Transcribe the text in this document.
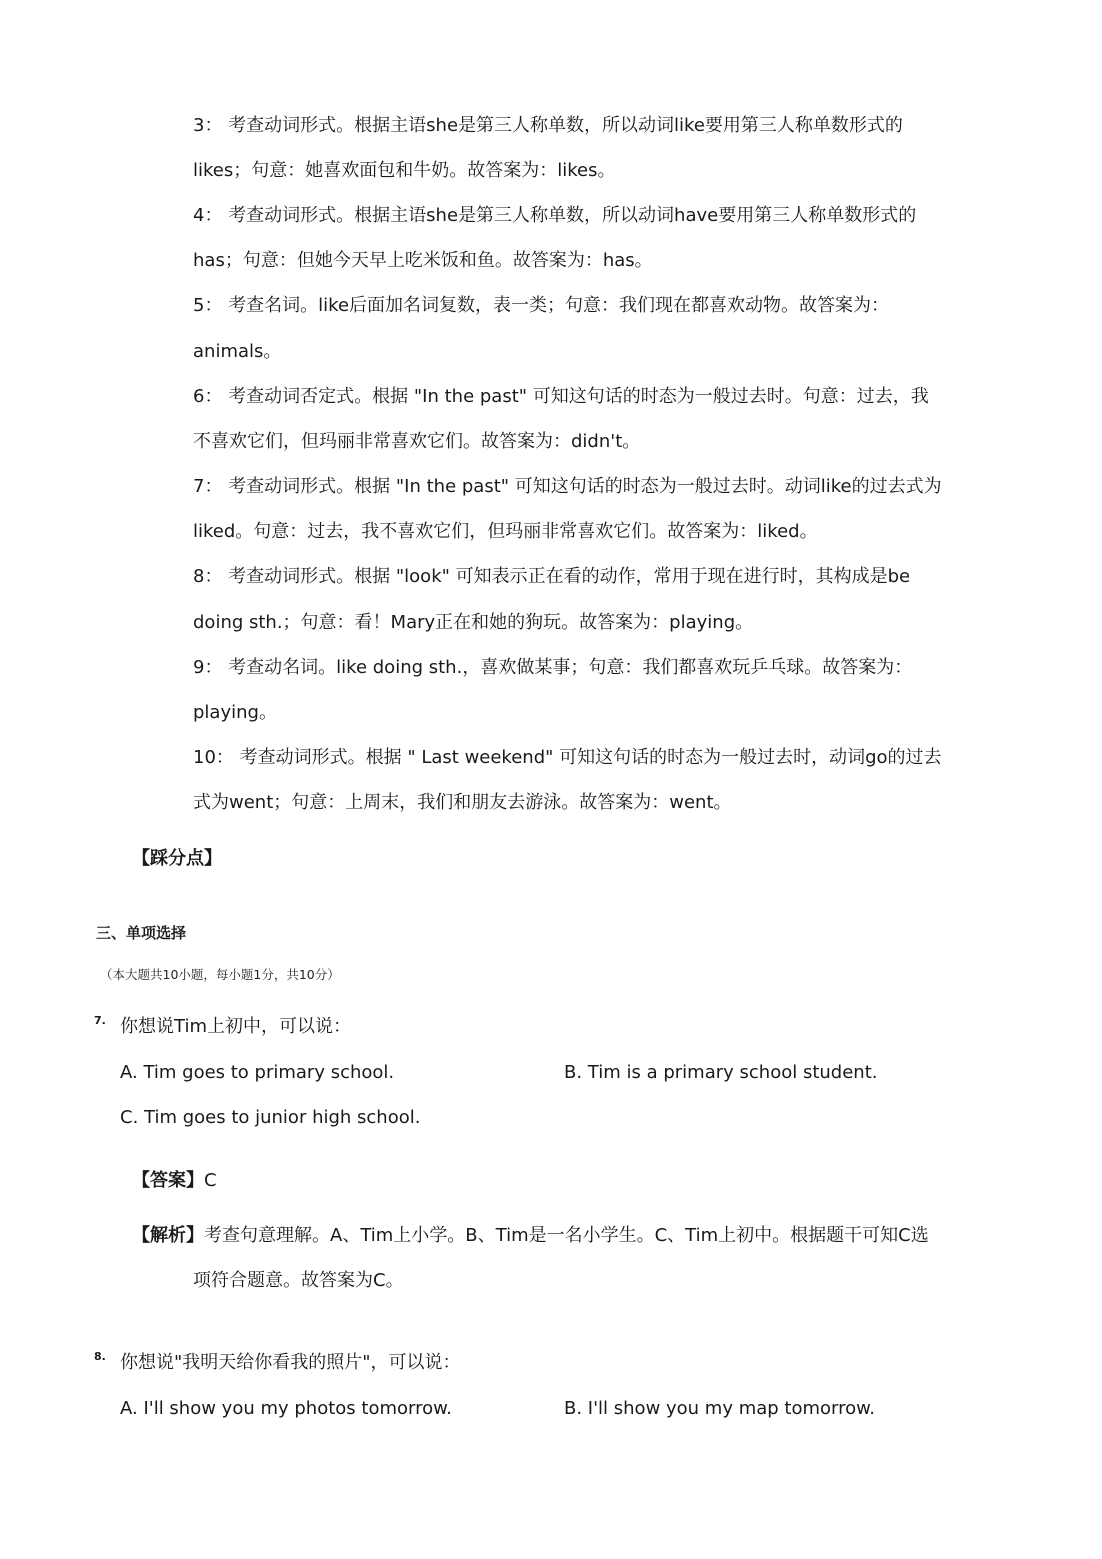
3： 考查动词形式。根据主语she是第三人称单数，所以动词like要用第三人称单数形式的
likes；句意：她喜欢面包和牛奶。故答案为：likes。
4： 考查动词形式。根据主语she是第三人称单数，所以动词have要用第三人称单数形式的
has；句意：但她今天早上吃米饭和鱼。故答案为：has。
5： 考查名词。like后面加名词复数，表一类；句意：我们现在都喜欢动物。故答案为：
animals。
6： 考查动词否定式。根据 "In the past" 可知这句话的时态为一般过去时。句意：过去，我
不喜欢它们，但玛丽非常喜欢它们。故答案为：didn't。
7： 考查动词形式。根据 "In the past" 可知这句话的时态为一般过去时。动词like的过去式为
liked。句意：过去，我不喜欢它们，但玛丽非常喜欢它们。故答案为：liked。
8： 考查动词形式。根据 "look" 可知表示正在看的动作，常用于现在进行时，其构成是be
doing sth.；句意：看！Mary正在和她的狗玩。故答案为：playing。
9： 考查动名词。like doing sth.，喜欢做某事；句意：我们都喜欢玩乒乓球。故答案为：
playing。
10： 考查动词形式。根据 " Last weekend" 可知这句话的时态为一般过去时，动词go的过去
式为went；句意：上周末，我们和朋友去游泳。故答案为：went。
【踩分点】
三、单项选择
（本大题共10小题，每小题1分，共10分）
7. 你想说Tim上初中，可以说：
A. Tim goes to primary school.	B. Tim is a primary school student.
C. Tim goes to junior high school.
【答案】C
【解析】考查句意理解。A、Tim上小学。B、Tim是一名小学生。C、Tim上初中。根据题干可知C选
项符合题意。故答案为C。
8. 你想说"我明天给你看我的照片"，可以说：
A. I'll show you my photos tomorrow.	B. I'll show you my map tomorrow.
